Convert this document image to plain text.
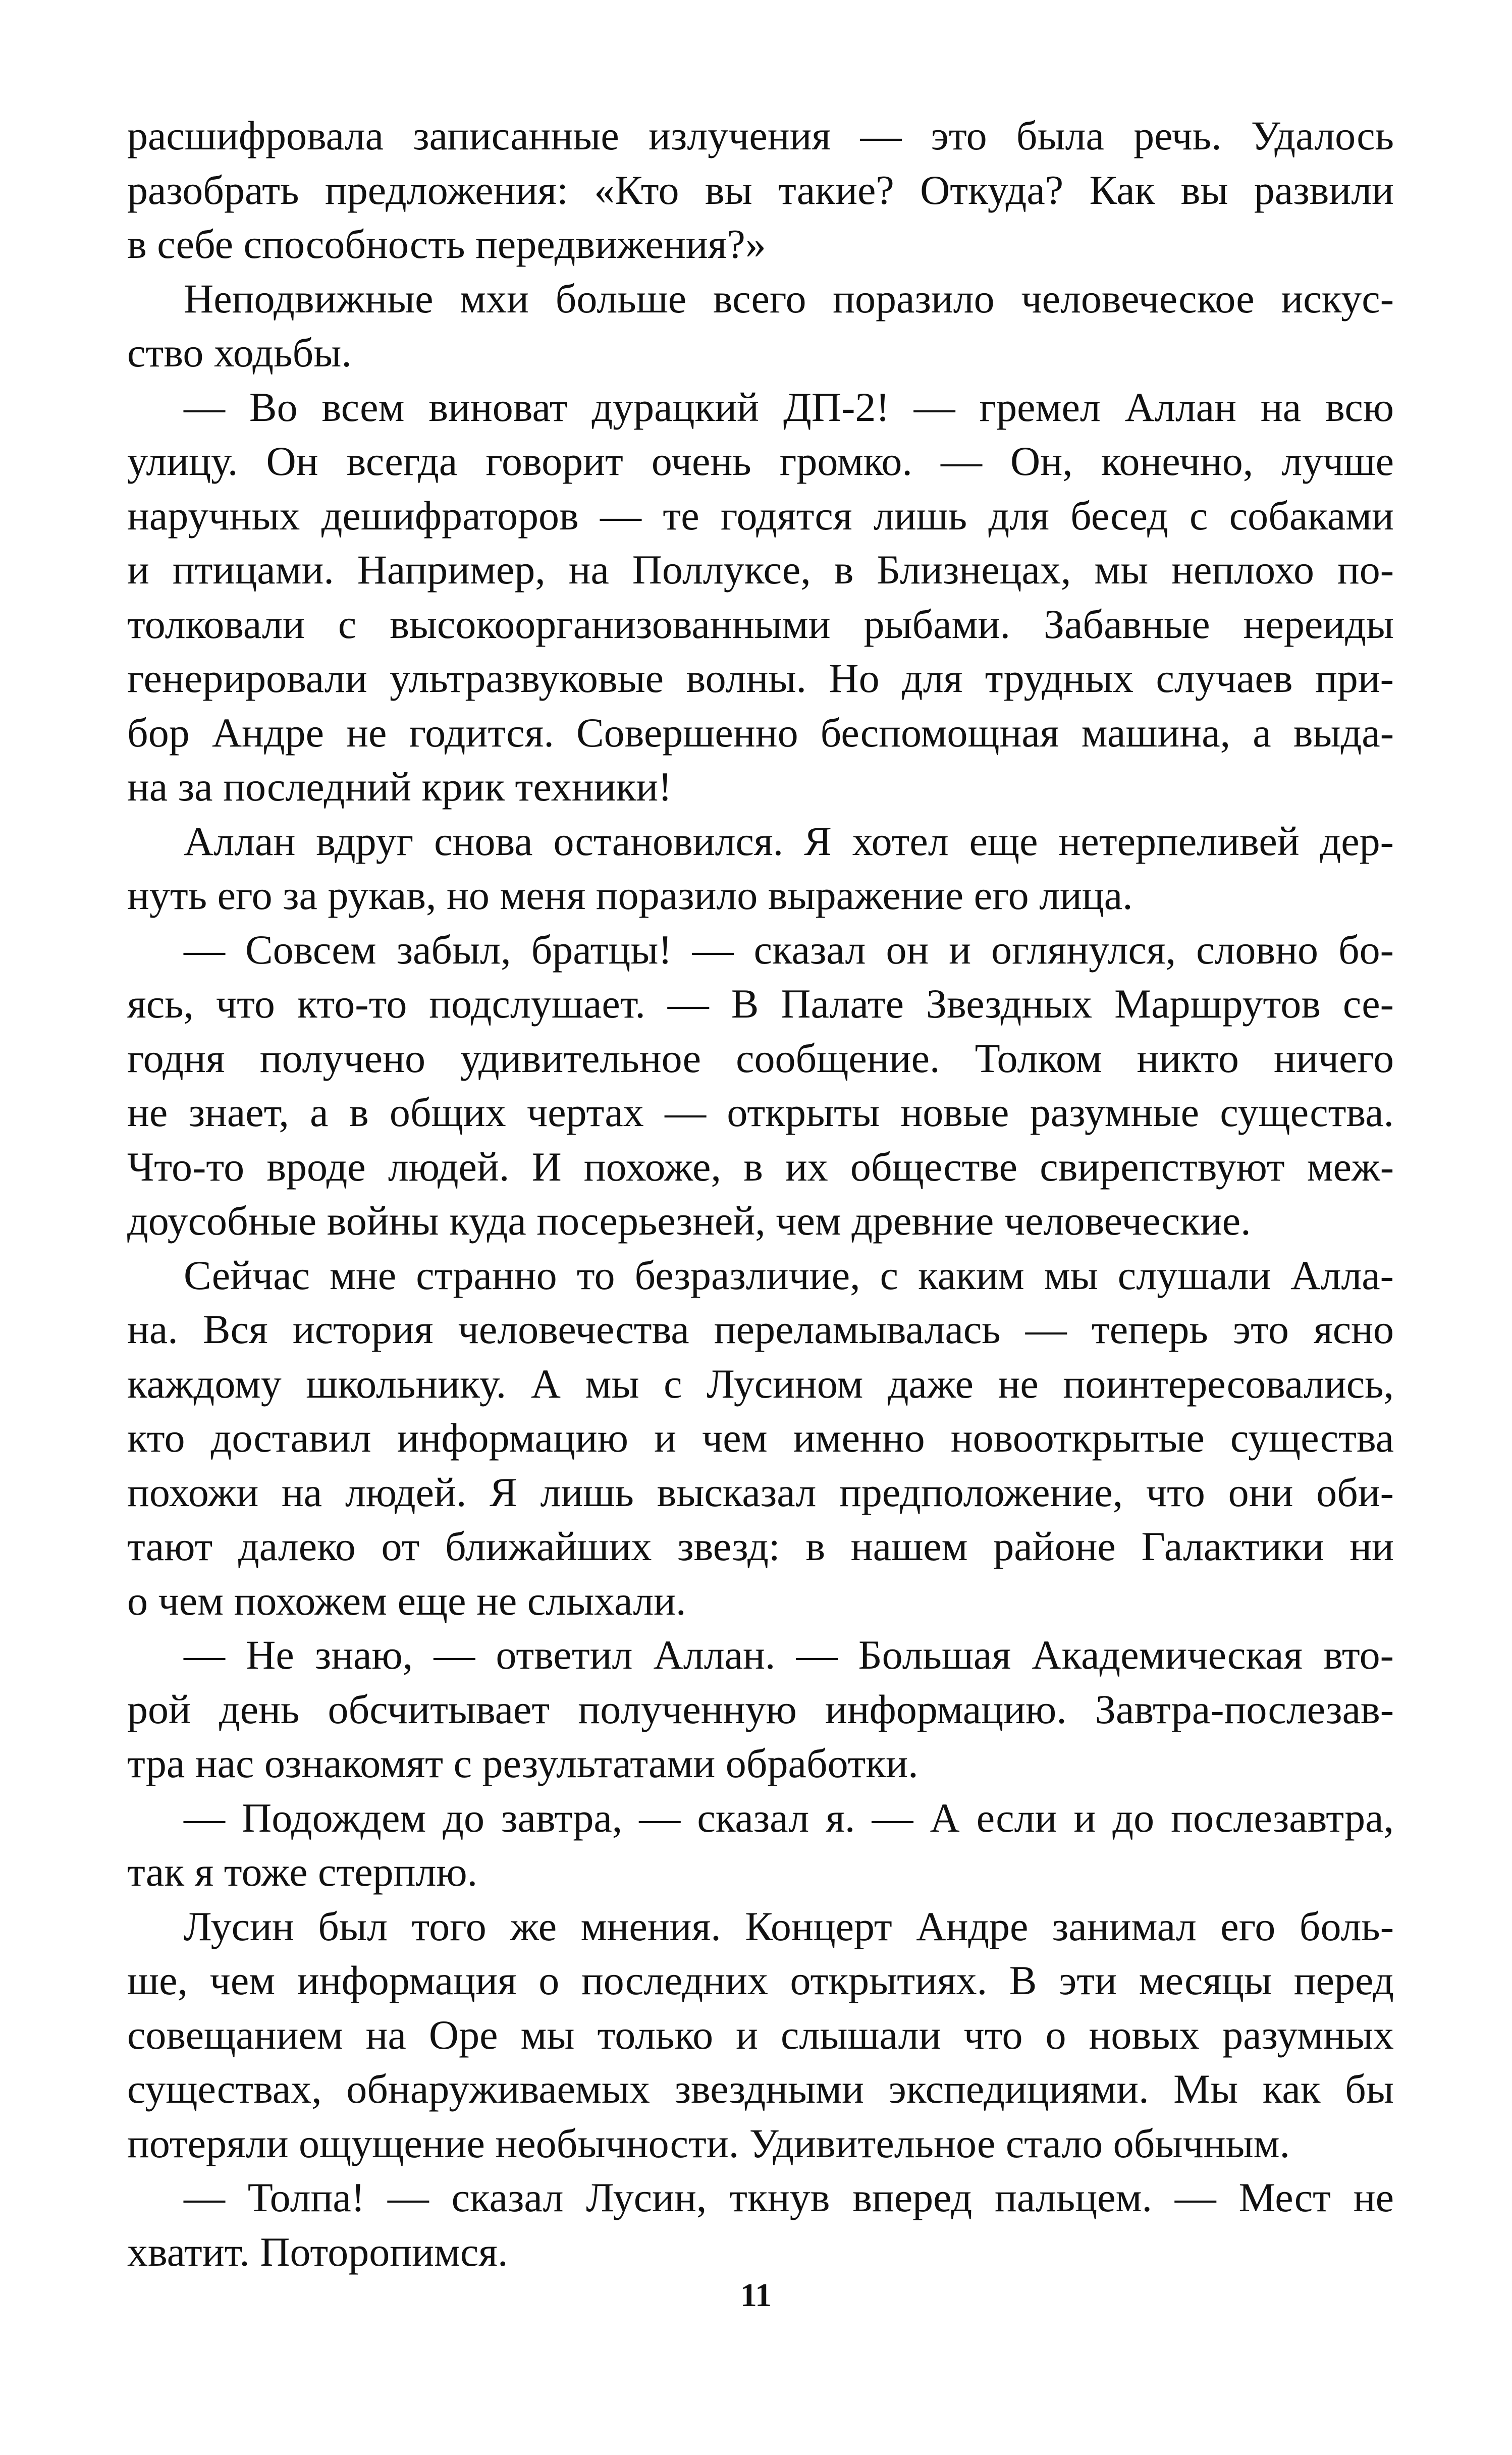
расшифровала записанные излучения — это была речь. Удалось
разобрать предложения: «Кто вы такие? Откуда? Как вы развили
в себе способность передвижения?»

Неподвижные мхи больше всего поразило человеческое искус-
ство ходьбы.

— Во всем виноват дурацкий ДП-2! — гремел Аллан на всю
улицу. Он всегда говорит очень громко. — Он, конечно, лучше
наручных дешифраторов — те годятся лишь для бесед с собаками
и птицами. Например, на Поллуксе, в Близнецах, мы неплохо по-
толковали с высокоорганизованными рыбами. Забавные нереиды
генерировали ультразвуковые волны. Но для трудных случаев при-
бор Андре не годится. Совершенно беспомощная машина, а выда-
на за последний крик техники!

Аллан вдруг снова остановился. Я хотел еще нетерпеливей дер-
нуть его за рукав, но меня поразило выражение его лица.

— Совсем забыл, братцы! — сказал он и оглянулся, словно бо-
ясь, что кто-то подслушает. — В Палате Звездных Маршрутов се-
годня получено удивительное сообщение. Толком никто ничего
не знает, а в общих чертах — открыты новые разумные существа.
Что-то вроде людей. И похоже, в их обществе свирепствуют меж-
доусобные войны куда посерьезней, чем древние человеческие.

Сейчас мне странно то безразличие, с каким мы слушали Алла-
на. Вся история человечества переламывалась — теперь это ясно
каждому школьнику. А мы с Лусином даже не поинтересовались,
кто доставил информацию и чем именно новооткрытые существа
похожи на людей. Я лишь высказал предположение, что они оби-
тают далеко от ближайших звезд: в нашем районе Галактики ни
о чем похожем еще не слыхали.

— Не знаю, — ответил Аллан. — Большая Академическая вто-
рой день обсчитывает полученную информацию. Завтра-послезав-
тра нас ознакомят с результатами обработки.

— Подождем до завтра, — сказал я. — А если и до послезавтра,
так я тоже стерплю.

Лусин был того же мнения. Концерт Андре занимал его боль-
ше, чем информация о последних открытиях. В эти месяцы перед
совещанием на Оре мы только и слышали что о новых разумных
существах, обнаруживаемых звездными экспедициями. Мы как бы
потеряли ощущение необычности. Удивительное стало обычным.

— Толпа! — сказал Лусин, ткнув вперед пальцем. — Мест не
хватит. Поторопимся.

11
